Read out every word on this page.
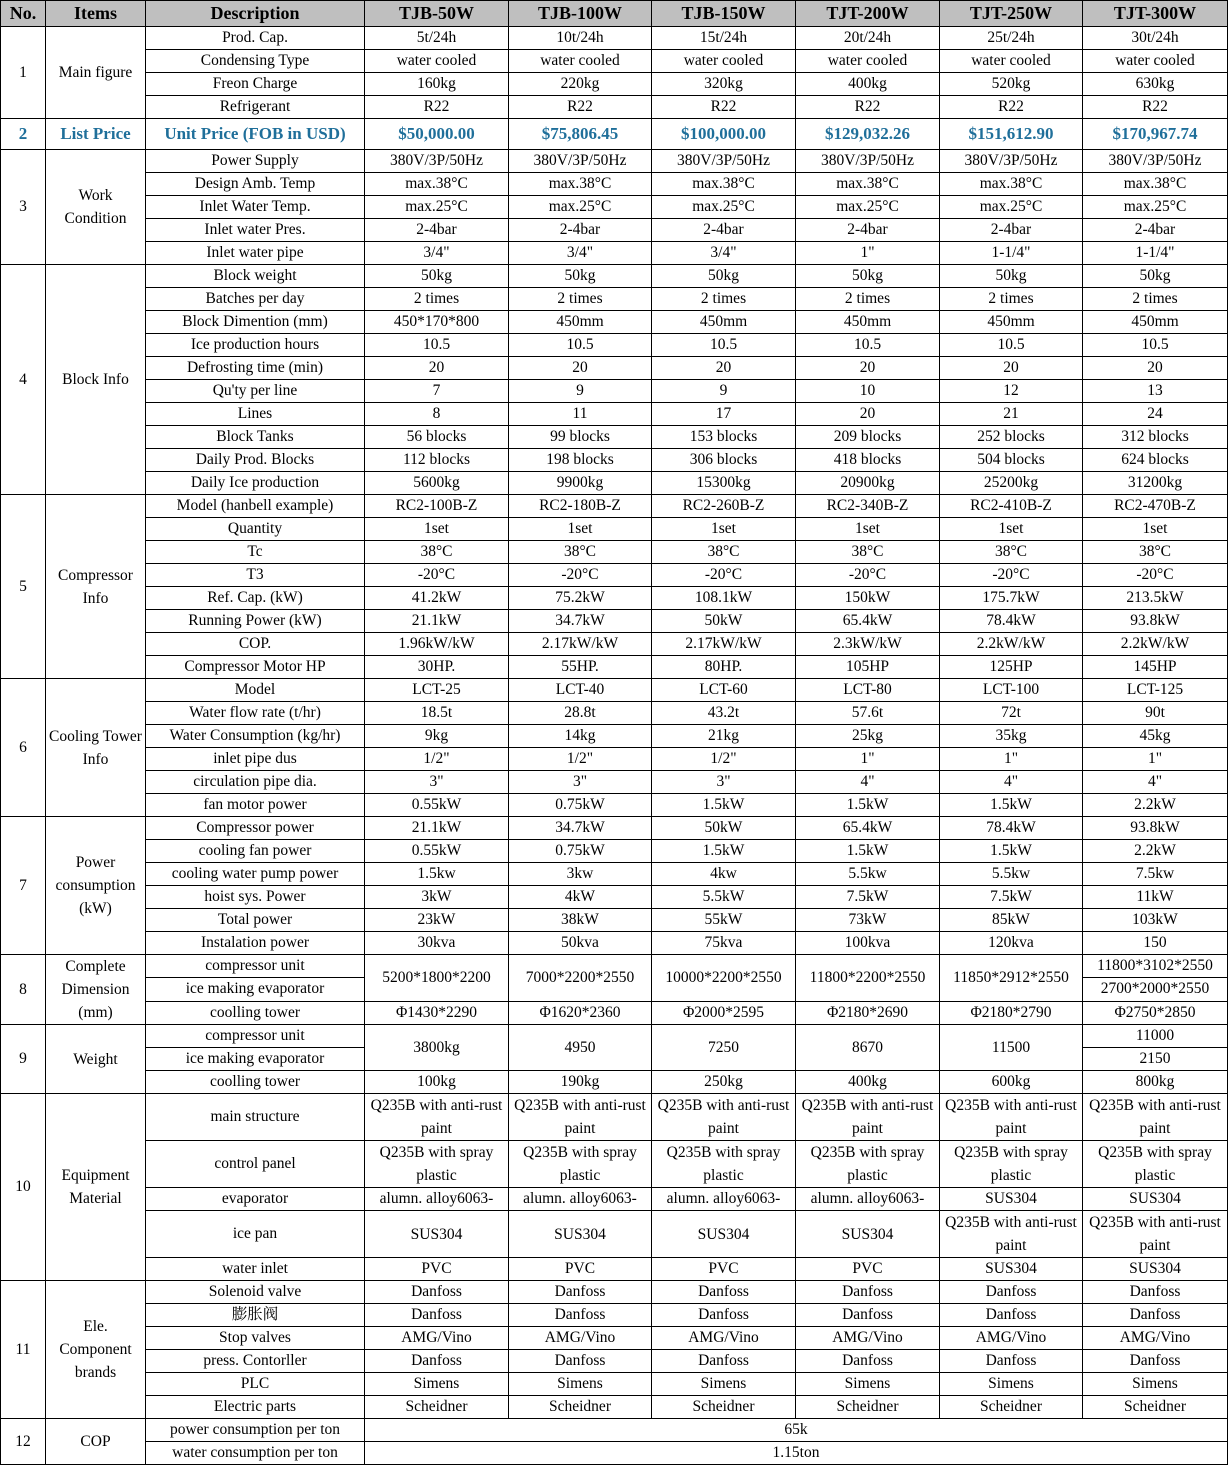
No.	Items	Description	TJB-50W	TJB-100W	TJB-150W	TJT-200W	TJT-250W	TJT-300W
1	Main figure	Prod. Cap.	5t/24h	10t/24h	15t/24h	20t/24h	25t/24h	30t/24h
		Condensing Type	water cooled	water cooled	water cooled	water cooled	water cooled	water cooled
		Freon Charge	160kg	220kg	320kg	400kg	520kg	630kg
		Refrigerant	R22	R22	R22	R22	R22	R22
2	List Price	Unit Price (FOB in USD)	$50,000.00	$75,806.45	$100,000.00	$129,032.26	$151,612.90	$170,967.74
3	Work Condition	Power Supply	380V/3P/50Hz	380V/3P/50Hz	380V/3P/50Hz	380V/3P/50Hz	380V/3P/50Hz	380V/3P/50Hz
		Design Amb. Temp	max.38°C	max.38°C	max.38°C	max.38°C	max.38°C	max.38°C
		Inlet Water Temp.	max.25°C	max.25°C	max.25°C	max.25°C	max.25°C	max.25°C
		Inlet water Pres.	2-4bar	2-4bar	2-4bar	2-4bar	2-4bar	2-4bar
		Inlet water pipe	3/4"	3/4"	3/4"	1"	1-1/4"	1-1/4"
4	Block Info	Block weight	50kg	50kg	50kg	50kg	50kg	50kg
		Batches per day	2 times	2 times	2 times	2 times	2 times	2 times
		Block Dimention (mm)	450*170*800	450mm	450mm	450mm	450mm	450mm
		Ice production hours	10.5	10.5	10.5	10.5	10.5	10.5
		Defrosting time (min)	20	20	20	20	20	20
		Qu'ty per line	7	9	9	10	12	13
		Lines	8	11	17	20	21	24
		Block Tanks	56 blocks	99 blocks	153 blocks	209 blocks	252 blocks	312 blocks
		Daily Prod. Blocks	112 blocks	198 blocks	306 blocks	418 blocks	504 blocks	624 blocks
		Daily Ice production	5600kg	9900kg	15300kg	20900kg	25200kg	31200kg
5	Compressor Info	Model (hanbell example)	RC2-100B-Z	RC2-180B-Z	RC2-260B-Z	RC2-340B-Z	RC2-410B-Z	RC2-470B-Z
		Quantity	1set	1set	1set	1set	1set	1set
		Tc	38°C	38°C	38°C	38°C	38°C	38°C
		T3	-20°C	-20°C	-20°C	-20°C	-20°C	-20°C
		Ref. Cap. (kW)	41.2kW	75.2kW	108.1kW	150kW	175.7kW	213.5kW
		Running Power (kW)	21.1kW	34.7kW	50kW	65.4kW	78.4kW	93.8kW
		COP.	1.96kW/kW	2.17kW/kW	2.17kW/kW	2.3kW/kW	2.2kW/kW	2.2kW/kW
		Compressor Motor HP	30HP.	55HP.	80HP.	105HP	125HP	145HP
6	Cooling Tower Info	Model	LCT-25	LCT-40	LCT-60	LCT-80	LCT-100	LCT-125
		Water flow rate (t/hr)	18.5t	28.8t	43.2t	57.6t	72t	90t
		Water Consumption (kg/hr)	9kg	14kg	21kg	25kg	35kg	45kg
		inlet pipe dus	1/2"	1/2"	1/2"	1"	1"	1"
		circulation pipe dia.	3"	3"	3"	4"	4"	4"
		fan motor power	0.55kW	0.75kW	1.5kW	1.5kW	1.5kW	2.2kW
7	Power consumption (kW)	Compressor power	21.1kW	34.7kW	50kW	65.4kW	78.4kW	93.8kW
		cooling fan power	0.55kW	0.75kW	1.5kW	1.5kW	1.5kW	2.2kW
		cooling water pump power	1.5kw	3kw	4kw	5.5kw	5.5kw	7.5kw
		hoist sys. Power	3kW	4kW	5.5kW	7.5kW	7.5kW	11kW
		Total power	23kW	38kW	55kW	73kW	85kW	103kW
		Instalation power	30kva	50kva	75kva	100kva	120kva	150
8	Complete Dimension (mm)	compressor unit	5200*1800*2200	7000*2200*2550	10000*2200*2550	11800*2200*2550	11850*2912*2550	11800*3102*2550
		ice making evaporator						2700*2000*2550
		coolling tower	Φ1430*2290	Φ1620*2360	Φ2000*2595	Φ2180*2690	Φ2180*2790	Φ2750*2850
9	Weight	compressor unit	3800kg	4950	7250	8670	11500	11000
		ice making evaporator						2150
		coolling tower	100kg	190kg	250kg	400kg	600kg	800kg
10	Equipment Material	main structure	Q235B with anti-rust paint	Q235B with anti-rust paint	Q235B with anti-rust paint	Q235B with anti-rust paint	Q235B with anti-rust paint	Q235B with anti-rust paint
		control panel	Q235B with spray plastic	Q235B with spray plastic	Q235B with spray plastic	Q235B with spray plastic	Q235B with spray plastic	Q235B with spray plastic
		evaporator	alumn. alloy6063-	alumn. alloy6063-	alumn. alloy6063-	alumn. alloy6063-	SUS304	SUS304
		ice pan	SUS304	SUS304	SUS304	SUS304	Q235B with anti-rust paint	Q235B with anti-rust paint
		water inlet	PVC	PVC	PVC	PVC	SUS304	SUS304
11	Ele. Component brands	Solenoid valve	Danfoss	Danfoss	Danfoss	Danfoss	Danfoss	Danfoss
		膨胀阀	Danfoss	Danfoss	Danfoss	Danfoss	Danfoss	Danfoss
		Stop valves	AMG/Vino	AMG/Vino	AMG/Vino	AMG/Vino	AMG/Vino	AMG/Vino
		press. Contorller	Danfoss	Danfoss	Danfoss	Danfoss	Danfoss	Danfoss
		PLC	Simens	Simens	Simens	Simens	Simens	Simens
		Electric parts	Scheidner	Scheidner	Scheidner	Scheidner	Scheidner	Scheidner
12	COP	power consumption per ton	65k					
		water consumption per ton	1.15ton					
